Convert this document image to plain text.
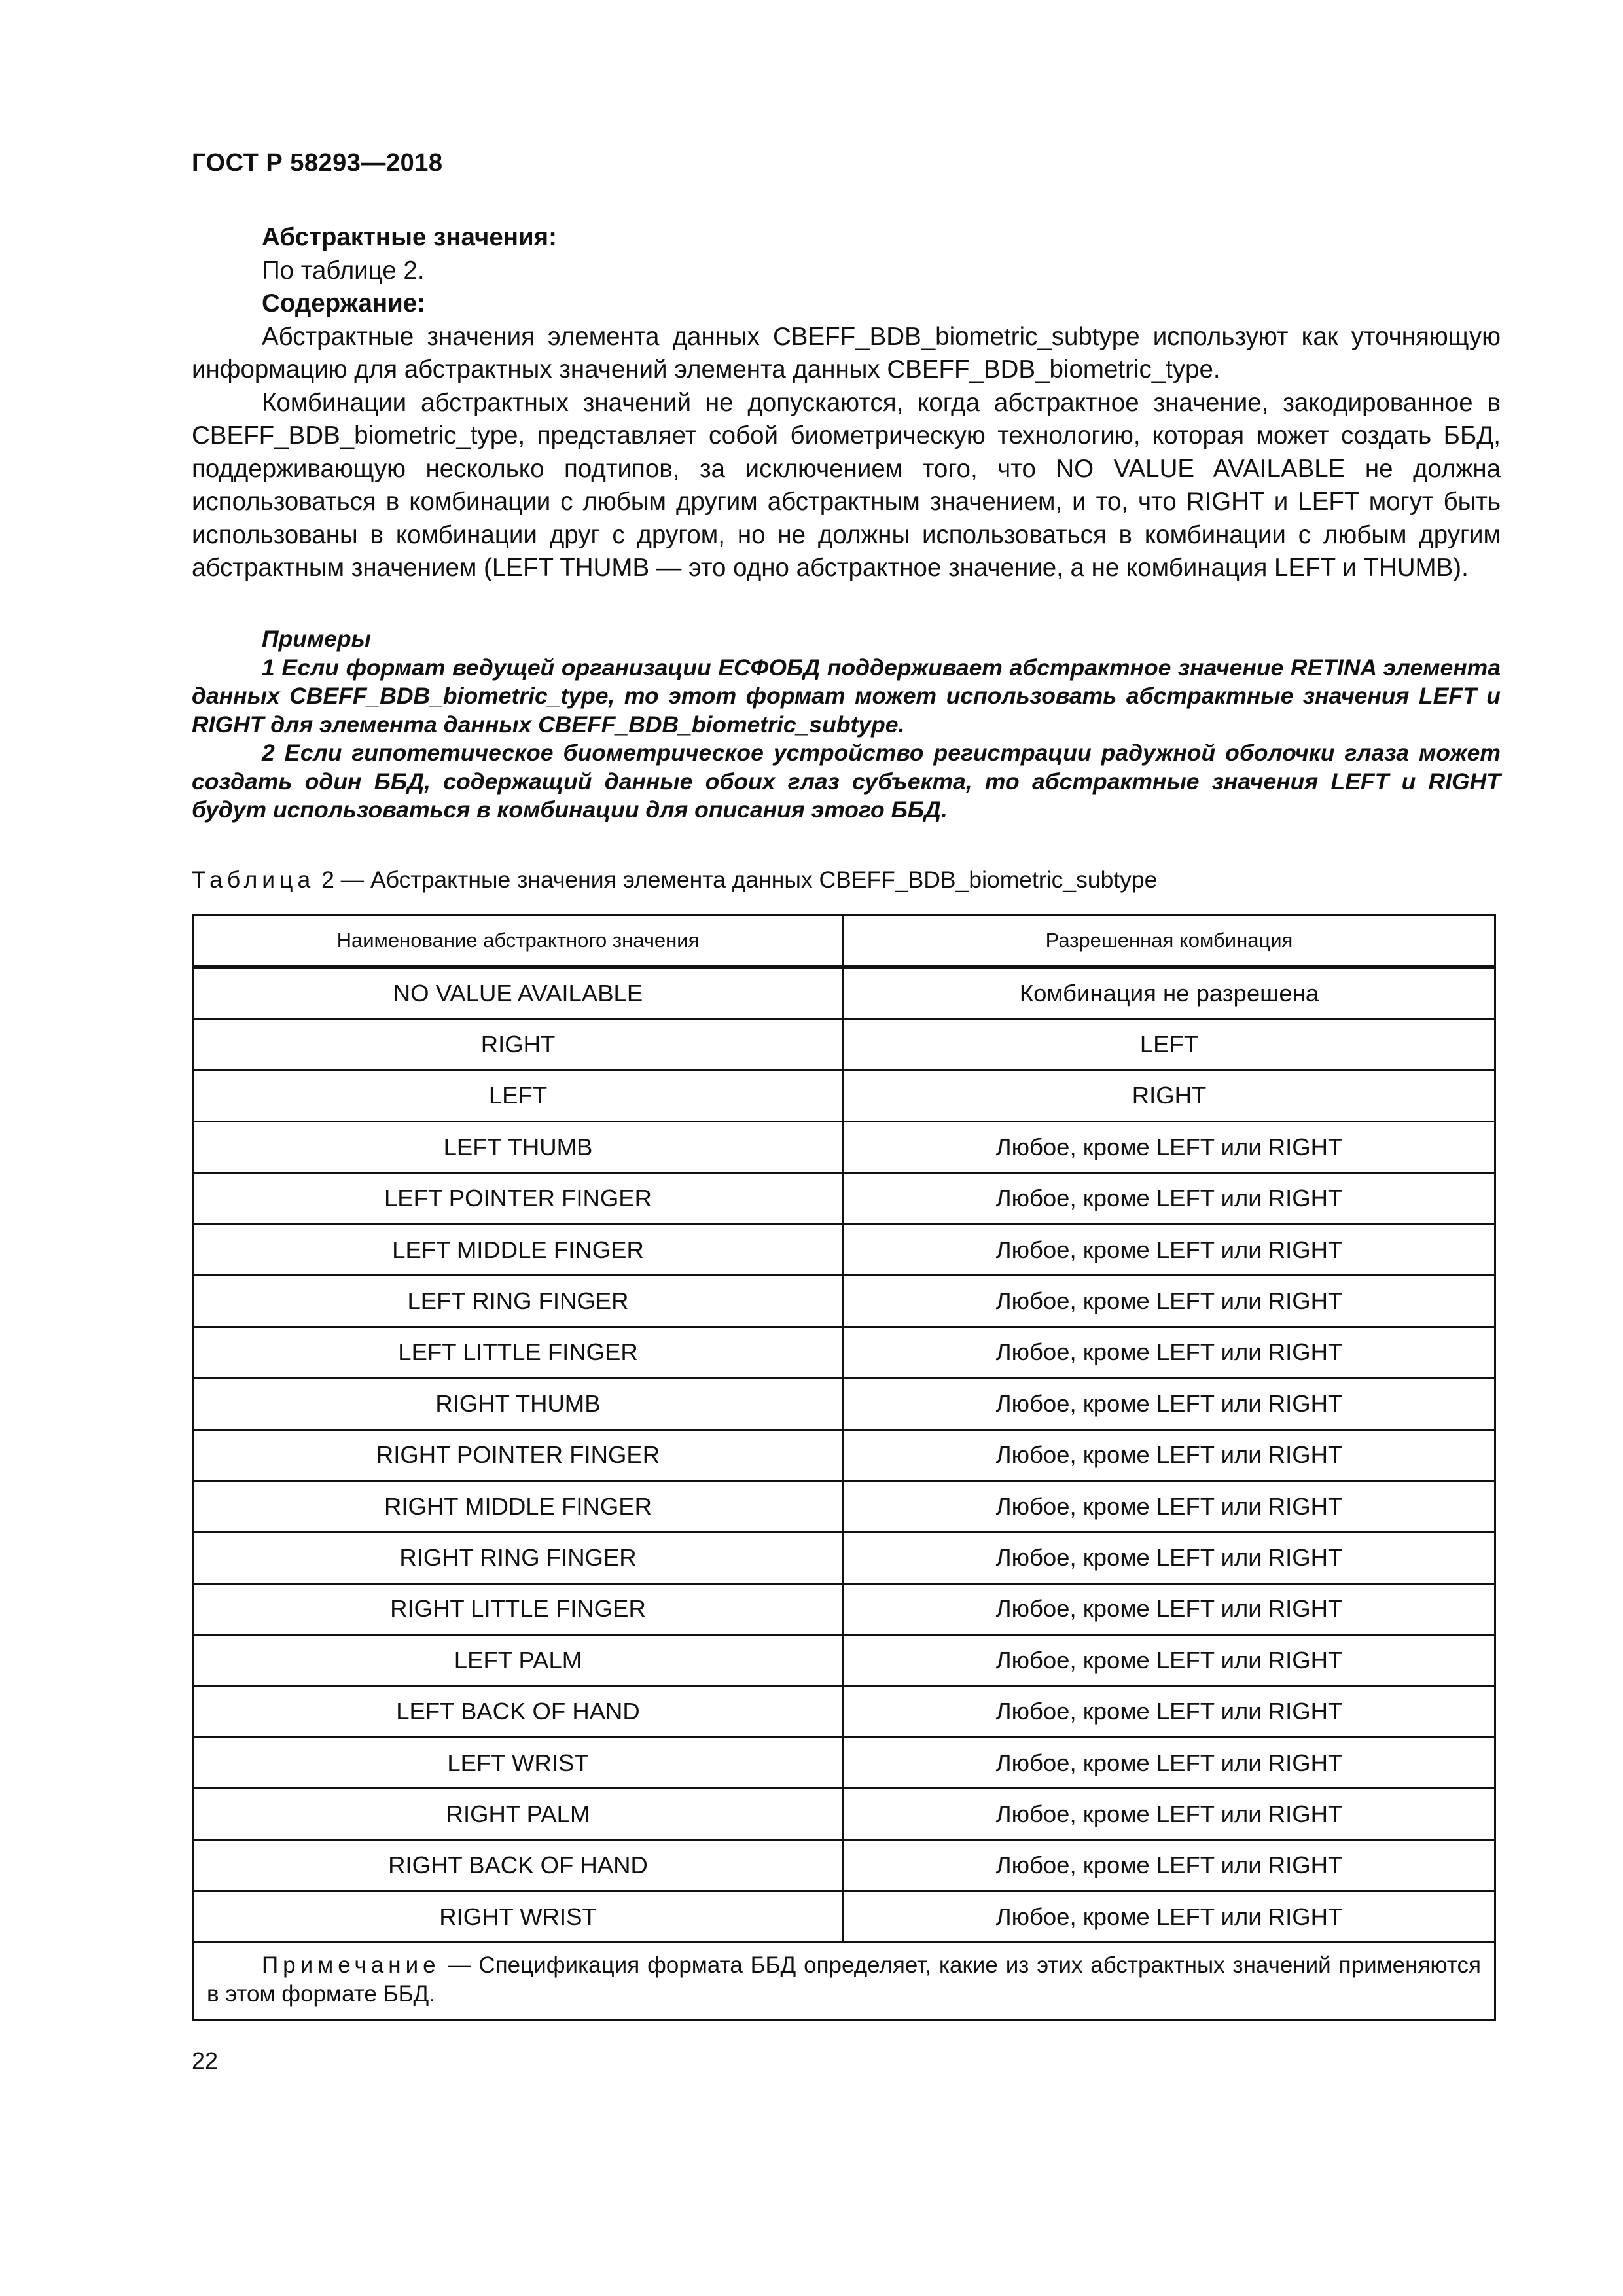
ГОСТ Р 58293—2018

Абстрактные значения:

По таблице 2.

Содержание:

Абстрактные значения элемента данных CBEFF_BDB_biometric_subtype используют как уточняющую информацию для абстрактных значений элемента данных CBEFF_BDB_biometric_type.

Комбинации абстрактных значений не допускаются, когда абстрактное значение, закодированное в CBEFF_BDB_biometric_type, представляет собой биометрическую технологию, которая может создать ББД, поддерживающую несколько подтипов, за исключением того, что NO VALUE AVAILABLE не должна использоваться в комбинации с любым другим абстрактным значением, и то, что RIGHT и LEFT могут быть использованы в комбинации друг с другом, но не должны использоваться в комбинации с любым другим абстрактным значением (LEFT THUMB — это одно абстрактное значение, а не комбинация LEFT и THUMB).

Примеры

1 Если формат ведущей организации ЕСФОБД поддерживает абстрактное значение RETINA элемента данных CBEFF_BDB_biometric_type, то этот формат может использовать абстрактные значения LEFT и RIGHT для элемента данных CBEFF_BDB_biometric_subtype.

2 Если гипотетическое биометрическое устройство регистрации радужной оболочки глаза может создать один ББД, содержащий данные обоих глаз субъекта, то абстрактные значения LEFT и RIGHT будут использоваться в комбинации для описания этого ББД.

Таблица 2 — Абстрактные значения элемента данных CBEFF_BDB_biometric_subtype
Наименование абстрактного значения	Разрешенная комбинация
NO VALUE AVAILABLE	Комбинация не разрешена
RIGHT	LEFT
LEFT	RIGHT
LEFT THUMB	Любое, кроме LEFT или RIGHT
LEFT POINTER FINGER	Любое, кроме LEFT или RIGHT
LEFT MIDDLE FINGER	Любое, кроме LEFT или RIGHT
LEFT RING FINGER	Любое, кроме LEFT или RIGHT
LEFT LITTLE FINGER	Любое, кроме LEFT или RIGHT
RIGHT THUMB	Любое, кроме LEFT или RIGHT
RIGHT POINTER FINGER	Любое, кроме LEFT или RIGHT
RIGHT MIDDLE FINGER	Любое, кроме LEFT или RIGHT
RIGHT RING FINGER	Любое, кроме LEFT или RIGHT
RIGHT LITTLE FINGER	Любое, кроме LEFT или RIGHT
LEFT PALM	Любое, кроме LEFT или RIGHT
LEFT BACK OF HAND	Любое, кроме LEFT или RIGHT
LEFT WRIST	Любое, кроме LEFT или RIGHT
RIGHT PALM	Любое, кроме LEFT или RIGHT
RIGHT BACK OF HAND	Любое, кроме LEFT или RIGHT
RIGHT WRIST	Любое, кроме LEFT или RIGHT
Примечание — Спецификация формата ББД определяет, какие из этих абстрактных значений применяются в этом формате ББД.	
22
